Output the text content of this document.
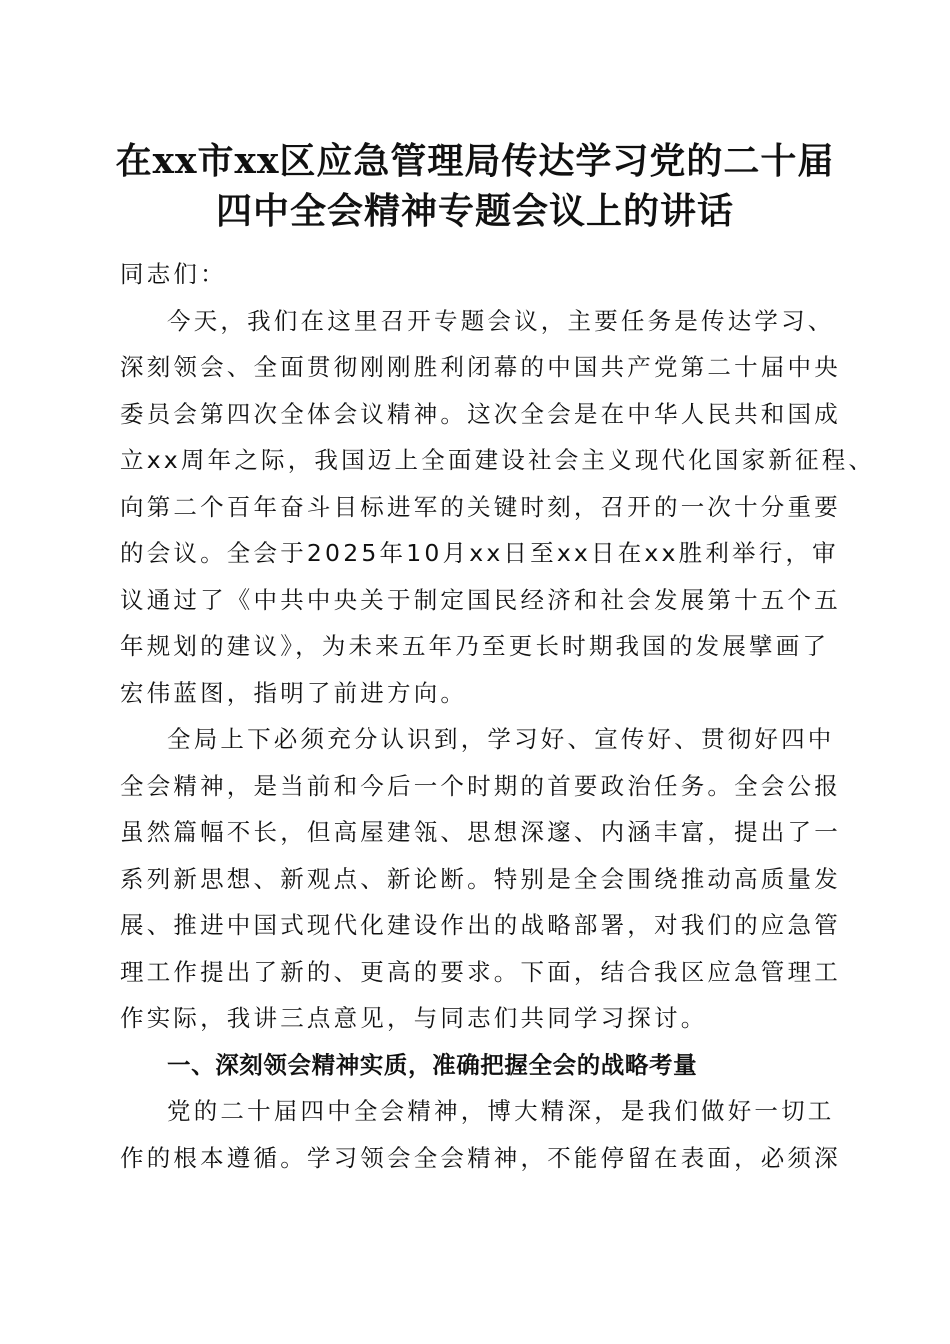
在xx市xx区应急管理局传达学习党的二十届
四中全会精神专题会议上的讲话

同志们：

今天，我们在这里召开专题会议，主要任务是传达学习、

深刻领会、全面贯彻刚刚胜利闭幕的中国共产党第二十届中央

委员会第四次全体会议精神。这次全会是在中华人民共和国成

立xx周年之际，我国迈上全面建设社会主义现代化国家新征程、

向第二个百年奋斗目标进军的关键时刻，召开的一次十分重要

的会议。全会于2025年10月xx日至xx日在xx胜利举行，审

议通过了《中共中央关于制定国民经济和社会发展第十五个五

年规划的建议》，为未来五年乃至更长时期我国的发展擘画了

宏伟蓝图，指明了前进方向。

全局上下必须充分认识到，学习好、宣传好、贯彻好四中

全会精神，是当前和今后一个时期的首要政治任务。全会公报

虽然篇幅不长，但高屋建瓴、思想深邃、内涵丰富，提出了一

系列新思想、新观点、新论断。特别是全会围绕推动高质量发

展、推进中国式现代化建设作出的战略部署，对我们的应急管

理工作提出了新的、更高的要求。下面，结合我区应急管理工

作实际，我讲三点意见，与同志们共同学习探讨。

一、深刻领会精神实质，准确把握全会的战略考量

党的二十届四中全会精神，博大精深，是我们做好一切工

作的根本遵循。学习领会全会精神，不能停留在表面，必须深
